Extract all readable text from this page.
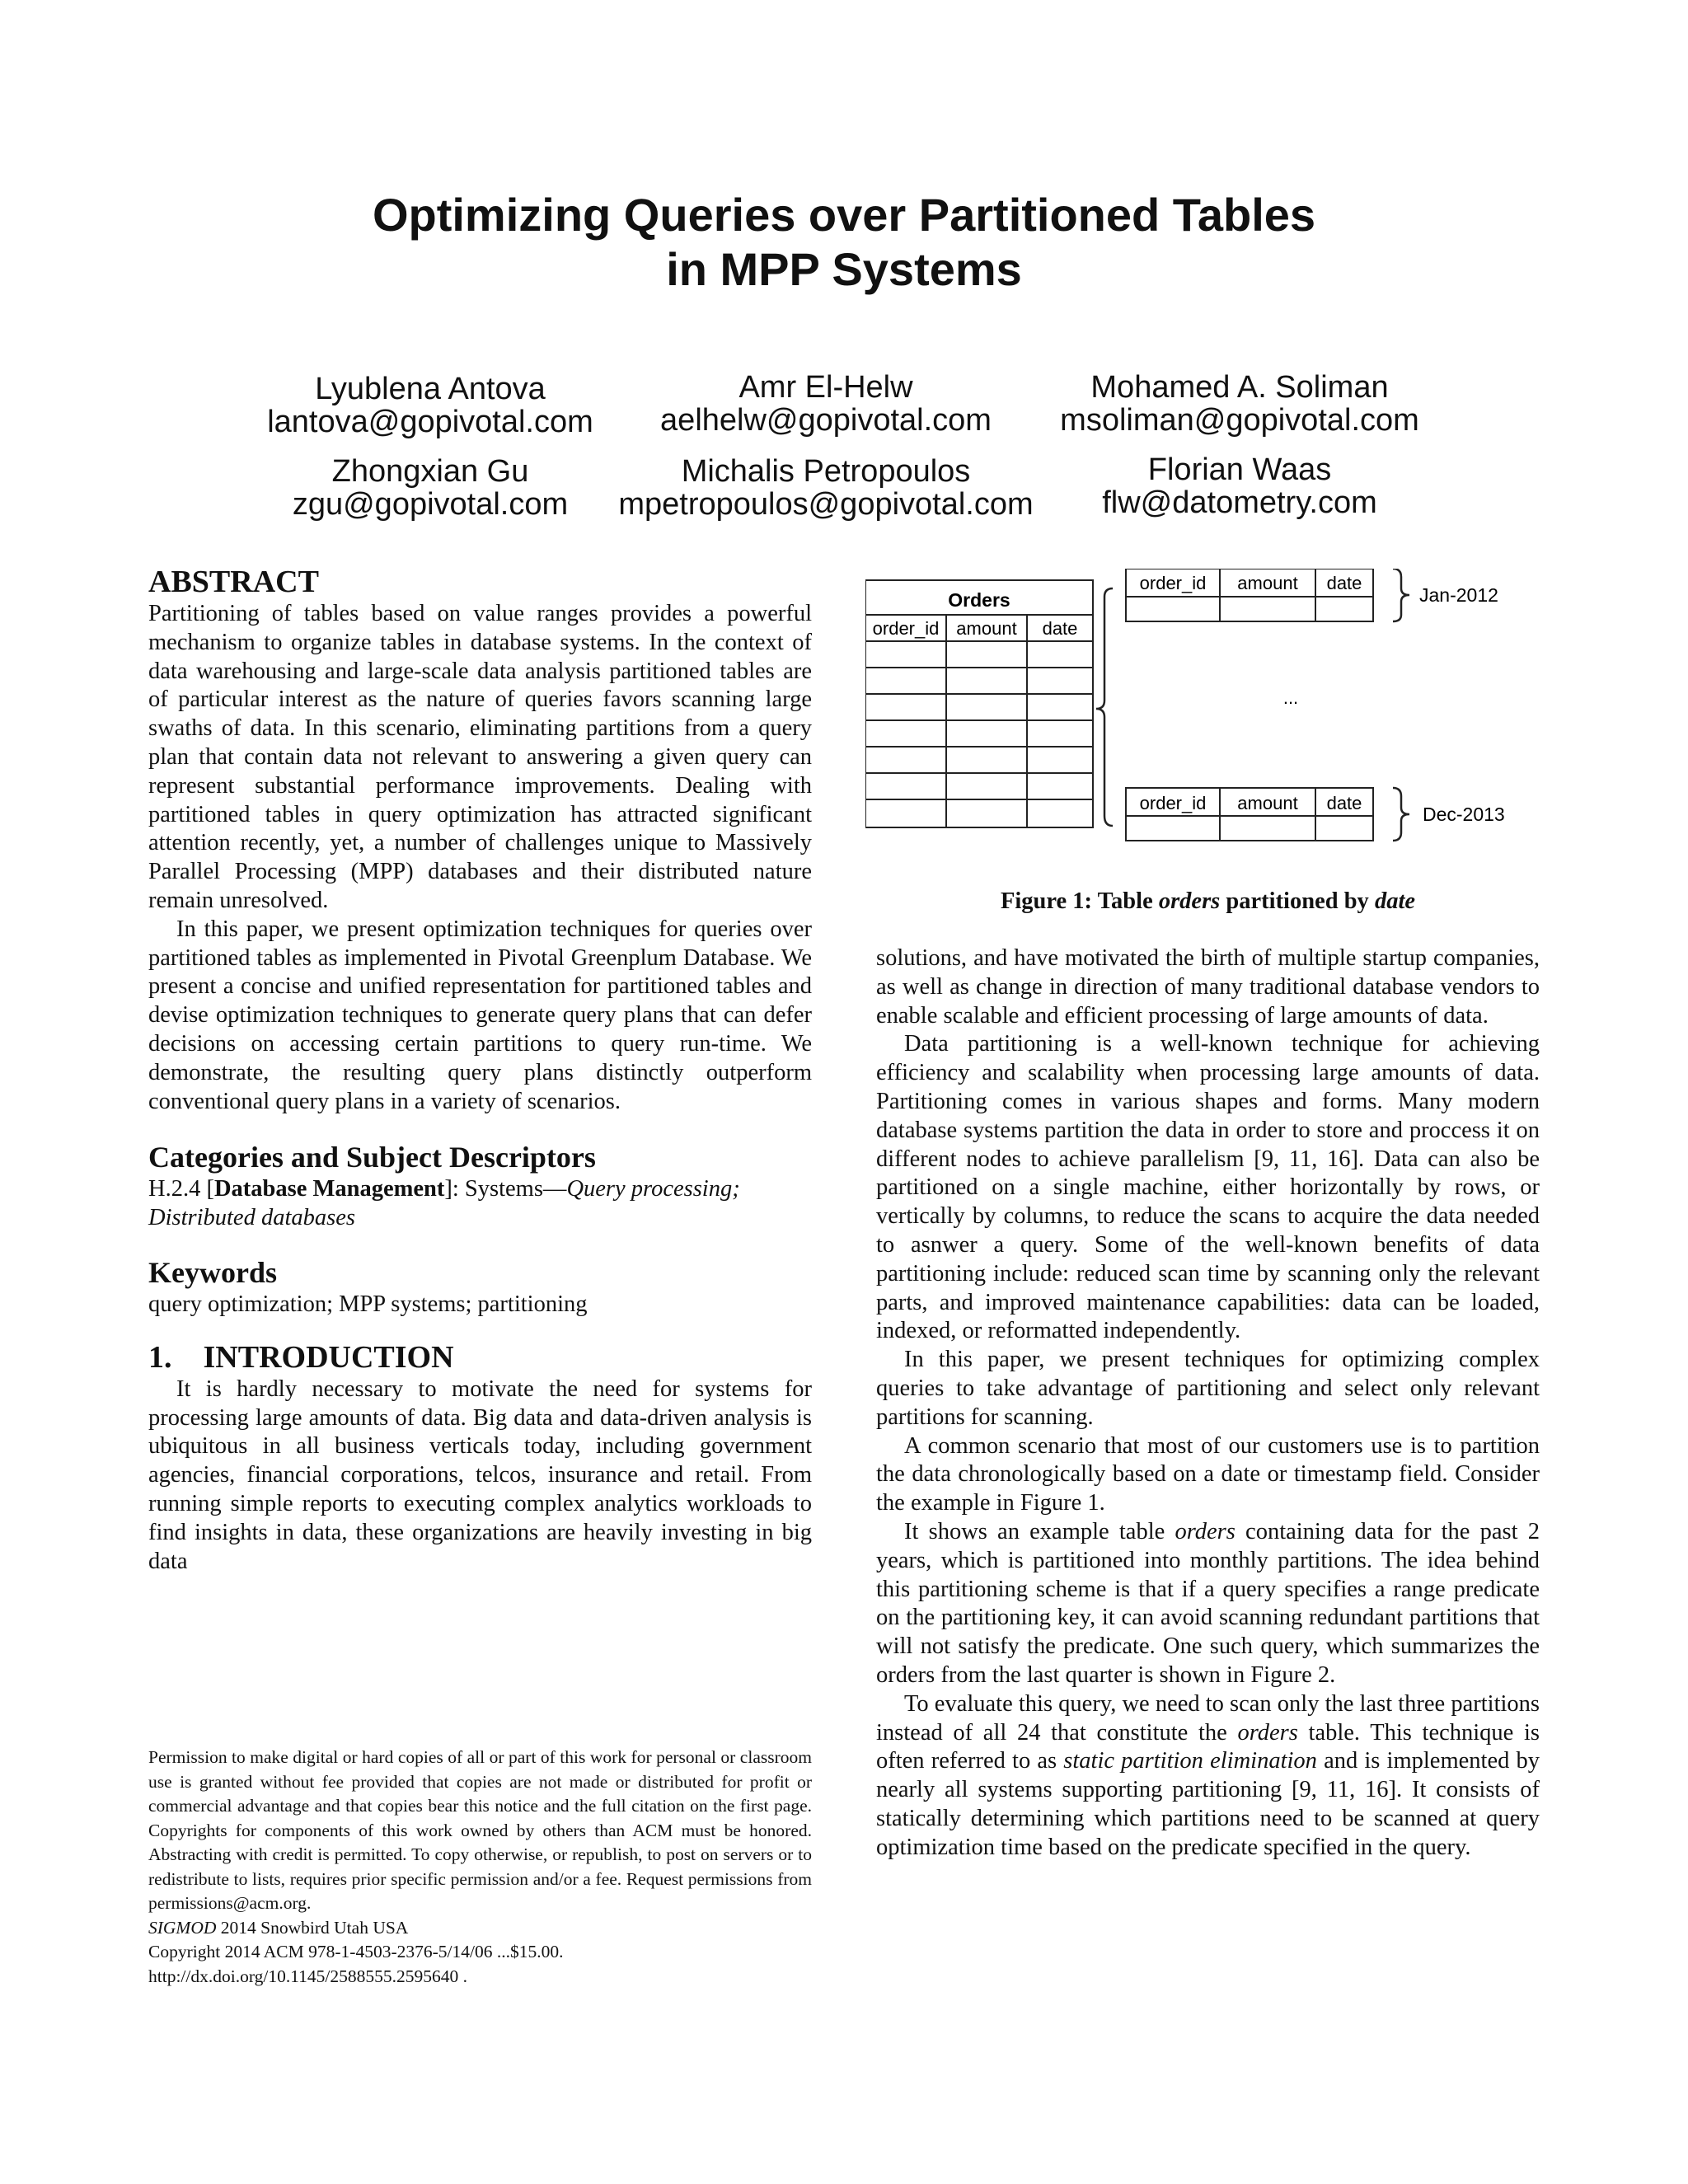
Optimizing Queries over Partitioned Tables
in MPP Systems
Lyublena Antova
lantova@gopivotal.com
Amr El-Helw
aelhelw@gopivotal.com
Mohamed A. Soliman
msoliman@gopivotal.com
Zhongxian Gu
zgu@gopivotal.com
Michalis Petropoulos
mpetropoulos@gopivotal.com
Florian Waas
flw@datometry.com
ABSTRACT

Partitioning of tables based on value ranges provides a powerful mechanism to organize tables in database systems. In the context of data warehousing and large-scale data analysis partitioned tables are of particular interest as the nature of queries favors scanning large swaths of data. In this scenario, eliminating partitions from a query plan that contain data not relevant to answering a given query can represent substantial performance improvements. Dealing with partitioned tables in query optimization has attracted significant attention recently, yet, a number of challenges unique to Massively Parallel Processing (MPP) databases and their distributed nature remain unresolved.

In this paper, we present optimization techniques for queries over partitioned tables as implemented in Pivotal Greenplum Database. We present a concise and unified representation for partitioned tables and devise optimization techniques to generate query plans that can defer decisions on accessing certain partitions to query run-time. We demonstrate, the resulting query plans distinctly outperform conventional query plans in a variety of scenarios.

Categories and Subject Descriptors

H.2.4 [Database Management]: Systems—Query processing; Distributed databases

Keywords

query optimization; MPP systems; partitioning

1.    INTRODUCTION

It is hardly necessary to motivate the need for systems for processing large amounts of data. Big data and data-driven analysis is ubiquitous in all business verticals today, including government agencies, financial corporations, telcos, insurance and retail. From running simple reports to executing complex analytics workloads to find insights in data, these organizations are heavily investing in big data

Permission to make digital or hard copies of all or part of this work for personal or classroom use is granted without fee provided that copies are not made or distributed for profit or commercial advantage and that copies bear this notice and the full citation on the first page. Copyrights for components of this work owned by others than ACM must be honored. Abstracting with credit is permitted. To copy otherwise, or republish, to post on servers or to redistribute to lists, requires prior specific permission and/or a fee. Request permissions from permissions@acm.org.

SIGMOD 2014 Snowbird Utah USA

Copyright 2014 ACM 978-1-4503-2376-5/14/06 ...$15.00.

http://dx.doi.org/10.1145/2588555.2595640 .

Orders
order_id amount date
order_id amount date
Jan-2012
...
order_id amount date
Dec-2013
Figure 1: Table orders partitioned by date

solutions, and have motivated the birth of multiple startup companies, as well as change in direction of many traditional database vendors to enable scalable and efficient processing of large amounts of data.

Data partitioning is a well-known technique for achieving efficiency and scalability when processing large amounts of data. Partitioning comes in various shapes and forms. Many modern database systems partition the data in order to store and proccess it on different nodes to achieve parallelism [9, 11, 16]. Data can also be partitioned on a single machine, either horizontally by rows, or vertically by columns, to reduce the scans to acquire the data needed to asnwer a query. Some of the well-known benefits of data partitioning include: reduced scan time by scanning only the relevant parts, and improved maintenance capabilities: data can be loaded, indexed, or reformatted independently.

In this paper, we present techniques for optimizing complex queries to take advantage of partitioning and select only relevant partitions for scanning.

A common scenario that most of our customers use is to partition the data chronologically based on a date or timestamp field. Consider the example in Figure 1.

It shows an example table orders containing data for the past 2 years, which is partitioned into monthly partitions. The idea behind this partitioning scheme is that if a query specifies a range predicate on the partitioning key, it can avoid scanning redundant partitions that will not satisfy the predicate. One such query, which summarizes the orders from the last quarter is shown in Figure 2.

To evaluate this query, we need to scan only the last three partitions instead of all 24 that constitute the orders table. This technique is often referred to as static partition elimination and is implemented by nearly all systems supporting partitioning [9, 11, 16]. It consists of statically determining which partitions need to be scanned at query optimization time based on the predicate specified in the query.
